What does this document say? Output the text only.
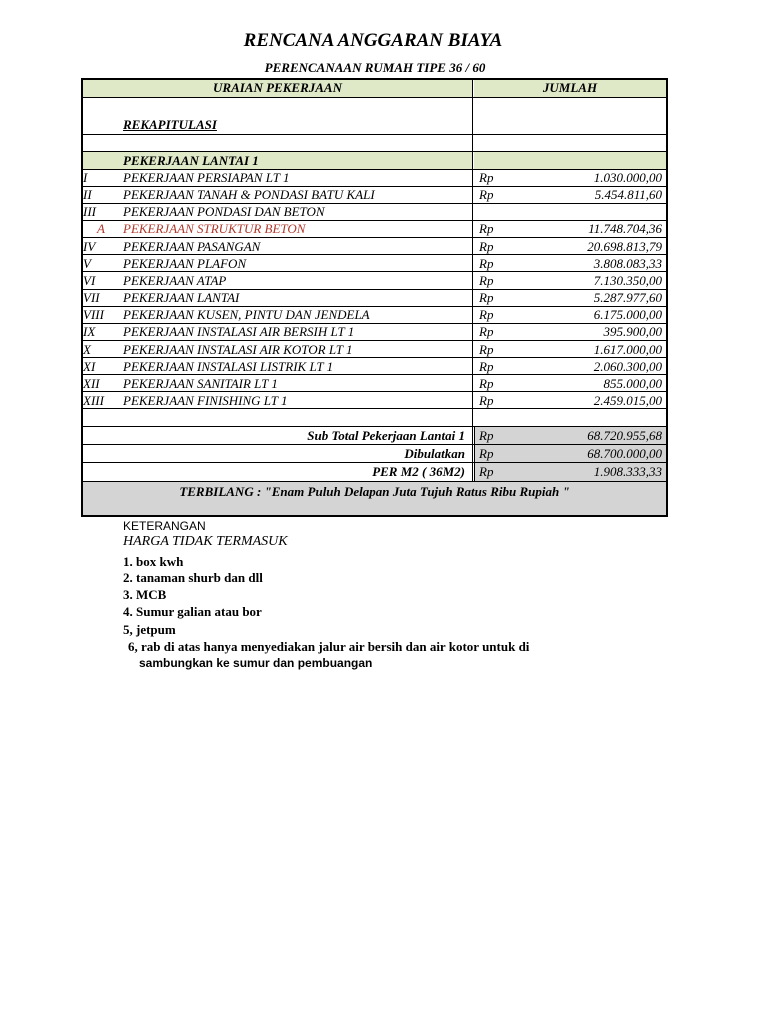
RENCANA ANGGARAN BIAYA
PERENCANAAN RUMAH TIPE 36 / 60
URAIAN PEKERJAAN	JUMLAH
REKAPITULASI
PEKERJAAN LANTAI 1
I	PEKERJAAN PERSIAPAN LT 1	Rp	1.030.000,00
II PEKERJAAN TANAH & PONDASI BATU KALI	Rp	5.454.811,60
III PEKERJAAN PONDASI DAN BETON
A PEKERJAAN STRUKTUR BETON	Rp	11.748.704,36
IV PEKERJAAN PASANGAN	Rp	20.698.813,79
V PEKERJAAN PLAFON	Rp	3.808.083,33
VI PEKERJAAN ATAP	Rp	7.130.350,00
VII PEKERJAAN LANTAI	Rp	5.287.977,60
VIII PEKERJAAN KUSEN, PINTU DAN JENDELA	Rp	6.175.000,00
IX PEKERJAAN INSTALASI AIR BERSIH LT 1	Rp	395.900,00
X PEKERJAAN INSTALASI AIR KOTOR LT 1	Rp	1.617.000,00
XI PEKERJAAN INSTALASI LISTRIK LT 1	Rp	2.060.300,00
XII PEKERJAAN SANITAIR LT 1	Rp	855.000,00
XIII PEKERJAAN FINISHING LT 1	Rp	2.459.015,00
Sub Total Pekerjaan Lantai 1 Rp	68.720.955,68
Dibulatkan Rp	68.700.000,00
PER M2 ( 36M2) Rp	1.908.333,33
TERBILANG : "Enam Puluh Delapan Juta Tujuh Ratus Ribu Rupiah "
KETERANGAN
HARGA TIDAK TERMASUK
1. box kwh
2. tanaman shurb dan dll
3. MCB
4. Sumur galian atau bor
5, jetpum
6, rab di atas hanya menyediakan jalur air bersih dan air kotor untuk di
sambungkan ke sumur dan pembuangan
